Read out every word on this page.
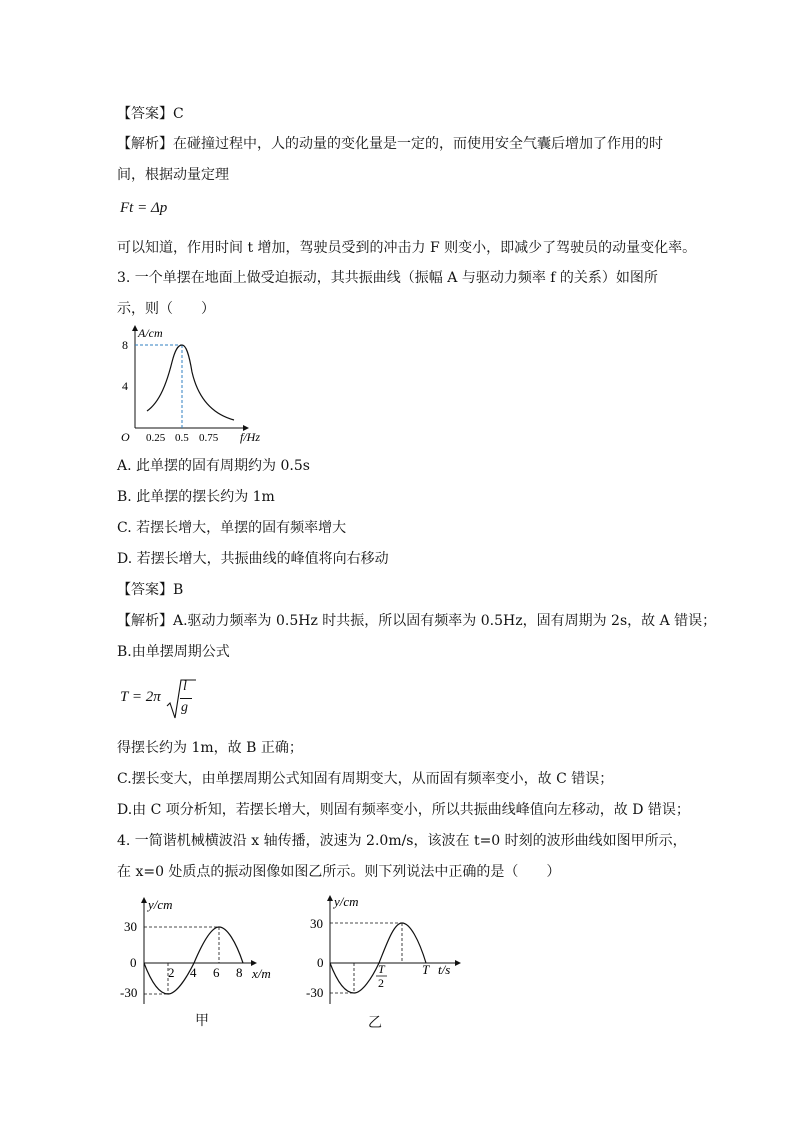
【答案】C
【解析】在碰撞过程中，人的动量的变化量是一定的，而使用安全气囊后增加了作用的时
间，根据动量定理
Ft = Δp
可以知道，作用时间 t 增加，驾驶员受到的冲击力 F 则变小，即减少了驾驶员的动量变化率。
3. 一个单摆在地面上做受迫振动，其共振曲线（振幅 A 与驱动力频率 f 的关系）如图所
示，则（　　）
A/cm
f/Hz
O
8
4
0.25 0.5 0.75
A. 此单摆的固有周期约为 0.5s
B. 此单摆的摆长约为 1m
C. 若摆长增大，单摆的固有频率增大
D. 若摆长增大，共振曲线的峰值将向右移动
【答案】B
【解析】A.驱动力频率为 0.5Hz 时共振，所以固有频率为 0.5Hz，固有周期为 2s，故 A 错误；
B.由单摆周期公式
T = 2π
l
g
得摆长约为 1m，故 B 正确；
C.摆长变大，由单摆周期公式知固有周期变大，从而固有频率变小，故 C 错误；
D.由 C 项分析知，若摆长增大，则固有频率变小，所以共振曲线峰值向左移动，故 D 错误；
4. 一简谐机械横波沿 x 轴传播，波速为 2.0m/s，该波在 t=0 时刻的波形曲线如图甲所示，
在 x=0 处质点的振动图像如图乙所示。则下列说法中正确的是（　　）
y/cm
x/m
30
0
-30
2 4 6 8
甲
y/cm
t/s
30
0
-30
T
2
T
乙
